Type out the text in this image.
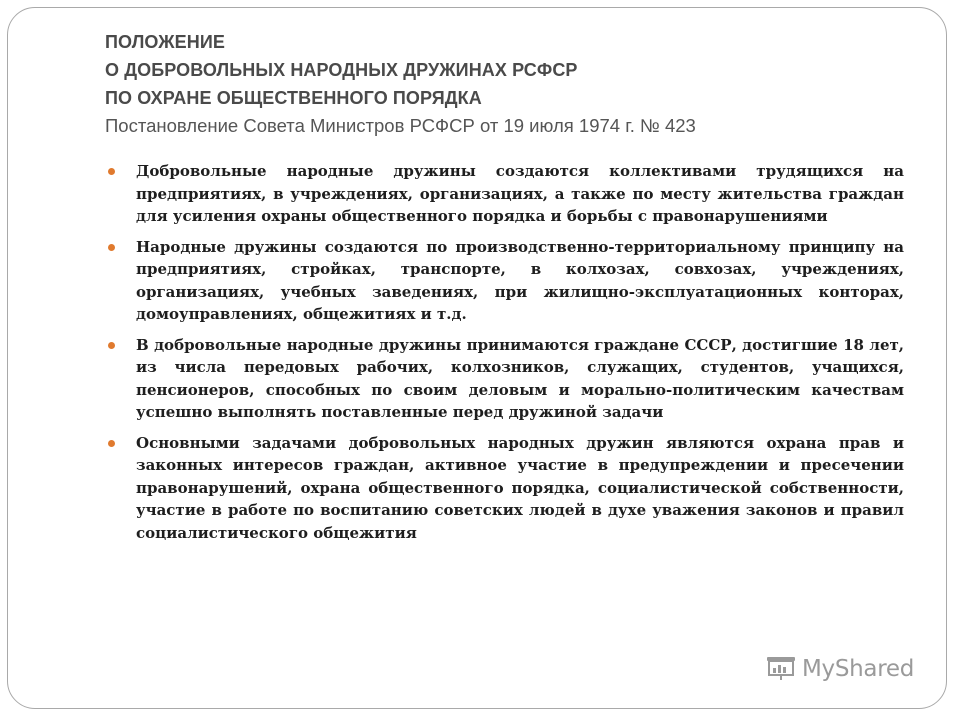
ПОЛОЖЕНИЕ
О ДОБРОВОЛЬНЫХ НАРОДНЫХ ДРУЖИНАХ РСФСР
ПО ОХРАНЕ ОБЩЕСТВЕННОГО ПОРЯДКА
Постановление Совета Министров РСФСР от 19 июля 1974 г. № 423
Добровольные народные дружины создаются коллективами трудящихся на предприятиях, в учреждениях, организациях, а также по месту жительства граждан для усиления охраны общественного порядка и борьбы с правонарушениями
Народные дружины создаются по производственно-территориальному принципу на предприятиях, стройках, транспорте, в колхозах, совхозах, учреждениях, организациях, учебных заведениях, при жилищно-эксплуатационных конторах, домоуправлениях, общежитиях и т.д.
В добровольные народные дружины принимаются граждане СССР, достигшие 18 лет, из числа передовых рабочих, колхозников, служащих, студентов, учащихся, пенсионеров, способных по своим деловым и морально-политическим качествам успешно выполнять поставленные перед дружиной задачи
Основными задачами добровольных народных дружин являются охрана прав и законных интересов граждан, активное участие в предупреждении и пресечении правонарушений, охрана общественного порядка, социалистической собственности, участие в работе по воспитанию советских людей в духе уважения законов и правил социалистического общежития
MyShared
